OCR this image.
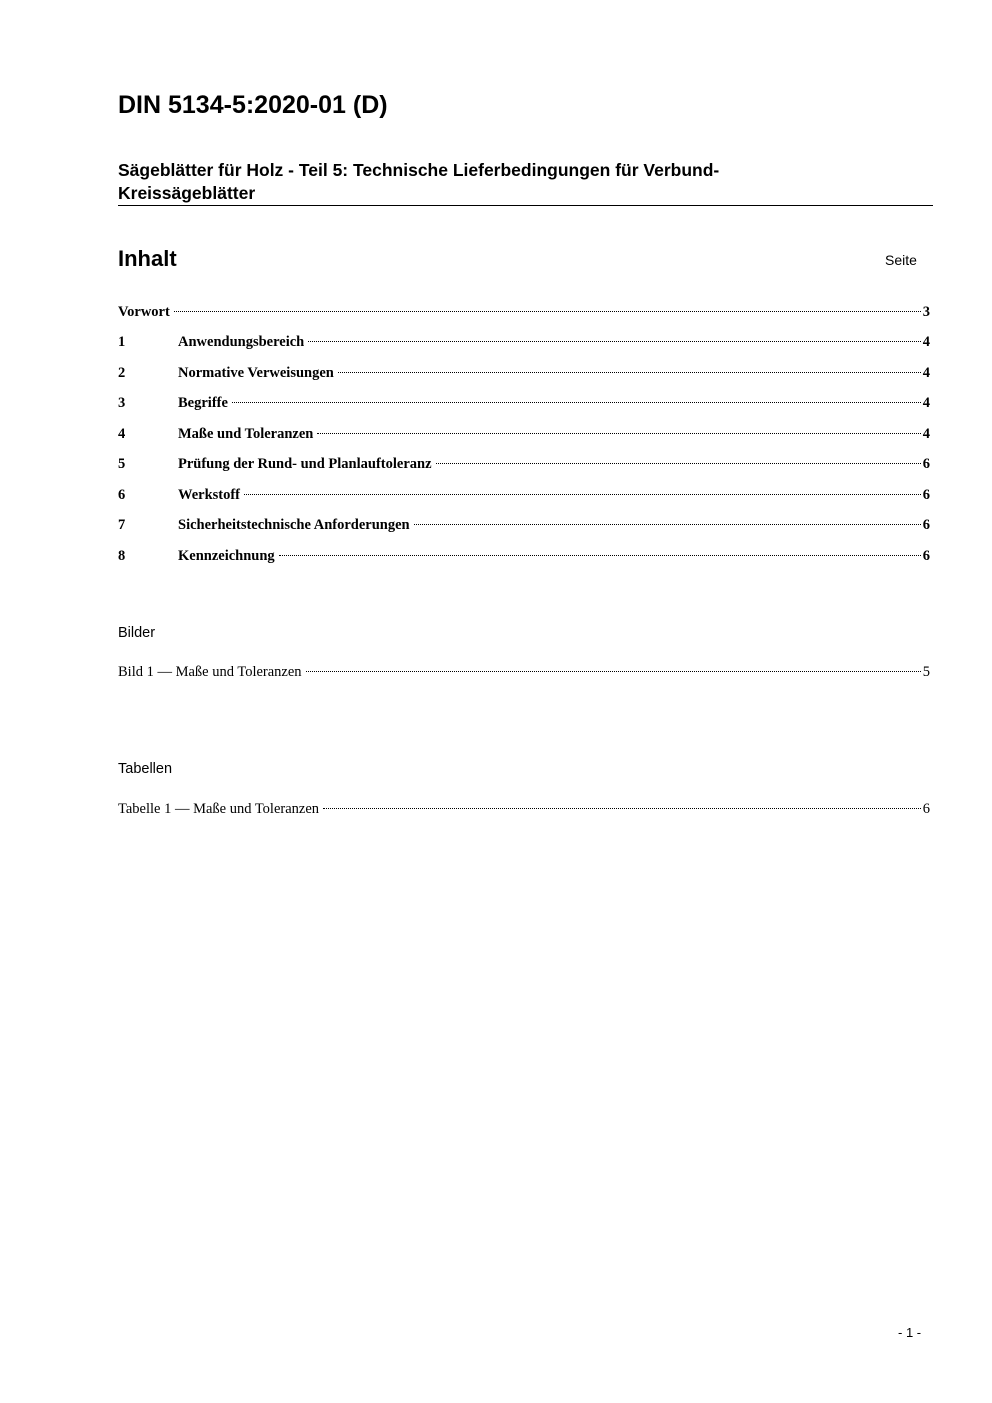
DIN 5134-5:2020-01 (D)
Sägeblätter für Holz - Teil 5: Technische Lieferbedingungen für Verbund-
Kreissägeblätter
Inhalt	Seite
Vorwort	3
1	Anwendungsbereich	4
2	Normative Verweisungen	4
3	Begriffe	4
4	Maße und Toleranzen	4
5	Prüfung der Rund- und Planlauftoleranz	6
6	Werkstoff	6
7	Sicherheitstechnische Anforderungen	6
8	Kennzeichnung	6
Bilder
Bild 1 — Maße und Toleranzen	5
Tabellen
Tabelle 1 — Maße und Toleranzen	6
- 1 -
